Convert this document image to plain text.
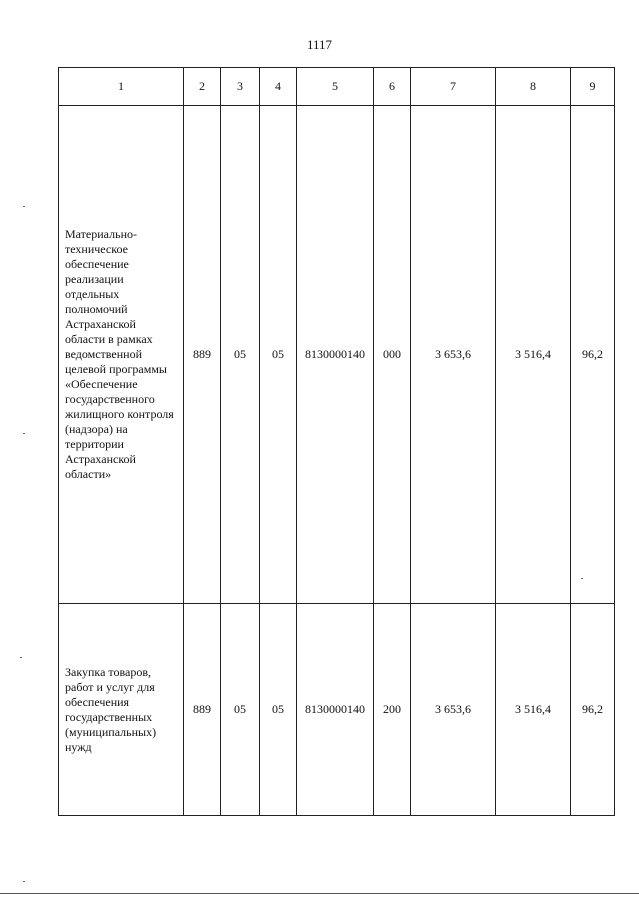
1117
1	2	3	4	5	6	7	8	9
Материально-техническое обеспечение реализации отдельных полномочий Астраханской области в рамках ведомственной целевой программы «Обеспечение государственного жилищного контроля (надзора) на территории Астраханской области»	889	05	05	8130000140	000	3 653,6	3 516,4	96,2
Закупка товаров, работ и услуг для обеспечения государственных (муниципальных) нужд	889	05	05	8130000140	200	3 653,6	3 516,4	96,2
